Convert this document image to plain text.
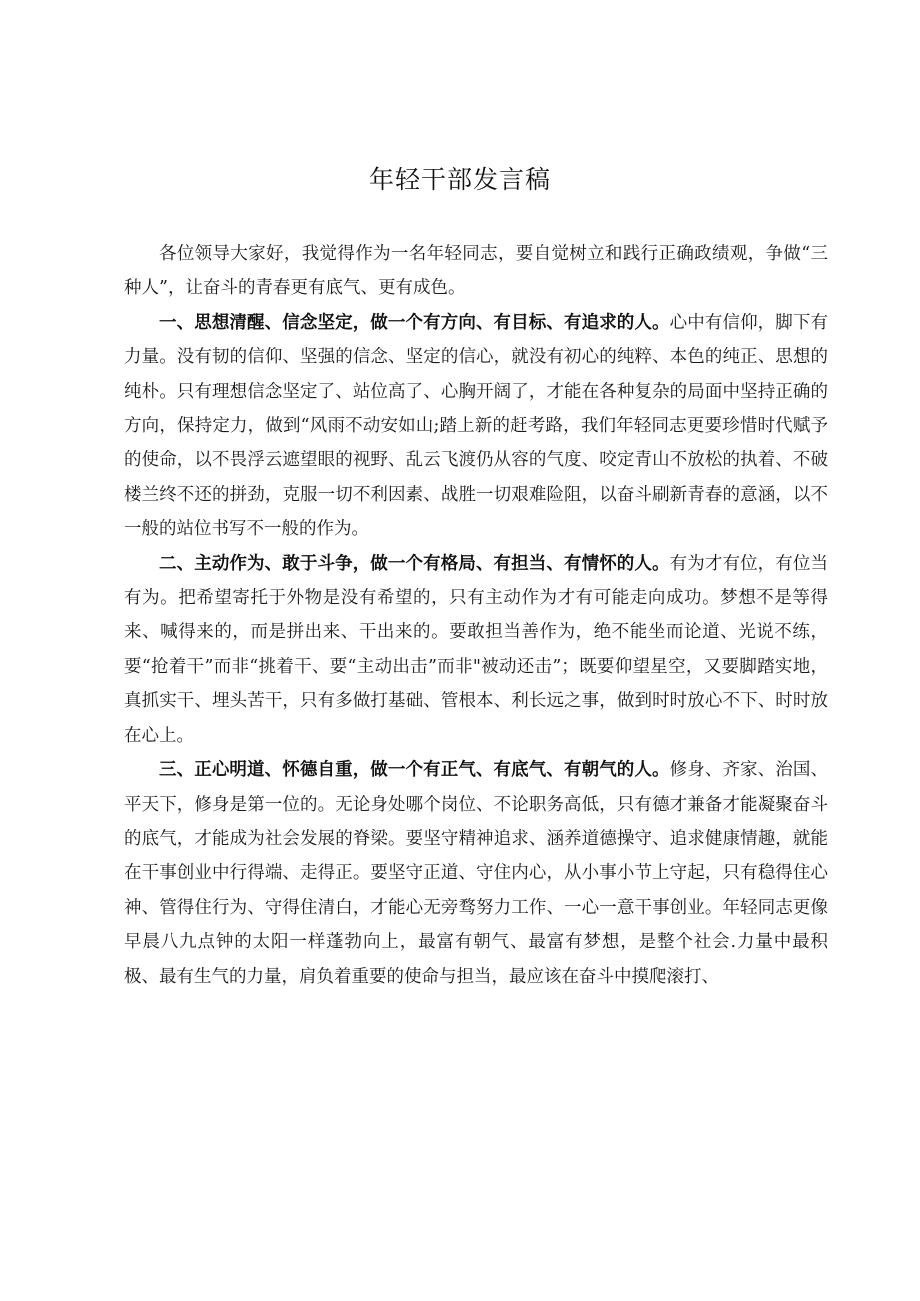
年轻干部发言稿

各位领导大家好，我觉得作为一名年轻同志，要自觉树立和践行正确政绩观，争做“三种人”，让奋斗的青春更有底气、更有成色。

一、思想清醒、信念坚定，做一个有方向、有目标、有追求的人。心中有信仰，脚下有力量。没有韧的信仰、坚强的信念、坚定的信心，就没有初心的纯粹、本色的纯正、思想的纯朴。只有理想信念坚定了、站位高了、心胸开阔了，才能在各种复杂的局面中坚持正确的方向，保持定力，做到“风雨不动安如山;踏上新的赶考路，我们年轻同志更要珍惜时代赋予的使命，以不畏浮云遮望眼的视野、乱云飞渡仍从容的气度、咬定青山不放松的执着、不破楼兰终不还的拼劲，克服一切不利因素、战胜一切艰难险阻，以奋斗刷新青春的意涵，以不一般的站位书写不一般的作为。

二、主动作为、敢于斗争，做一个有格局、有担当、有情怀的人。有为才有位，有位当有为。把希望寄托于外物是没有希望的，只有主动作为才有可能走向成功。梦想不是等得来、喊得来的，而是拼出来、干出来的。要敢担当善作为，绝不能坐而论道、光说不练，要“抢着干”而非“挑着干、要“主动出击”而非"被动还击”；既要仰望星空，又要脚踏实地，真抓实干、埋头苦干，只有多做打基础、管根本、利长远之事，做到时时放心不下、时时放在心上。

三、正心明道、怀德自重，做一个有正气、有底气、有朝气的人。修身、齐家、治国、平天下，修身是第一位的。无论身处哪个岗位、不论职务高低，只有德才兼备才能凝聚奋斗的底气，才能成为社会发展的脊梁。要坚守精神追求、涵养道德操守、追求健康情趣，就能在干事创业中行得端、走得正。要坚守正道、守住内心，从小事小节上守起，只有稳得住心神、管得住行为、守得住清白，才能心无旁骛努力工作、一心一意干事创业。年轻同志更像早晨八九点钟的太阳一样蓬勃向上，最富有朝气、最富有梦想，是整个社会.力量中最积极、最有生气的力量，肩负着重要的使命与担当，最应该在奋斗中摸爬滚打、
